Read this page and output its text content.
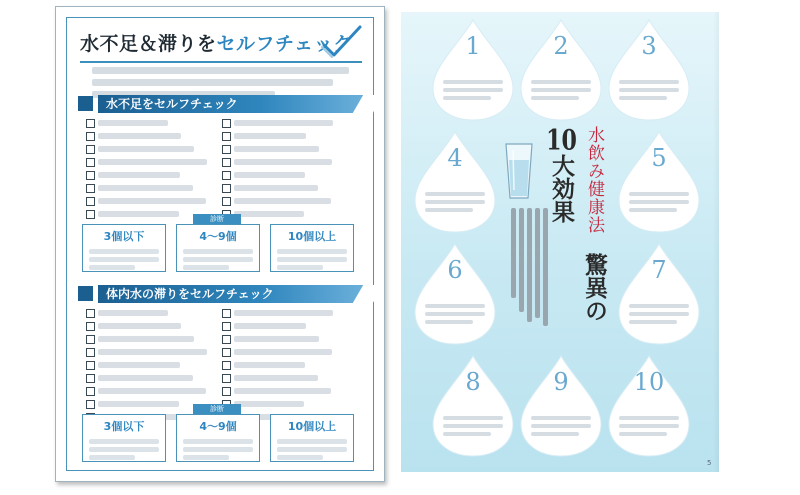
水不足＆滞りをセルフチェック
水不足をセルフチェック
診断
3個以下	4〜9個	10個以上
体内水の滞りをセルフチェック
診断
3個以下	4〜9個	10個以上
水飲み健康法 驚異の10大効果
1	2	3
4	5
6	7
8	9	10
5
